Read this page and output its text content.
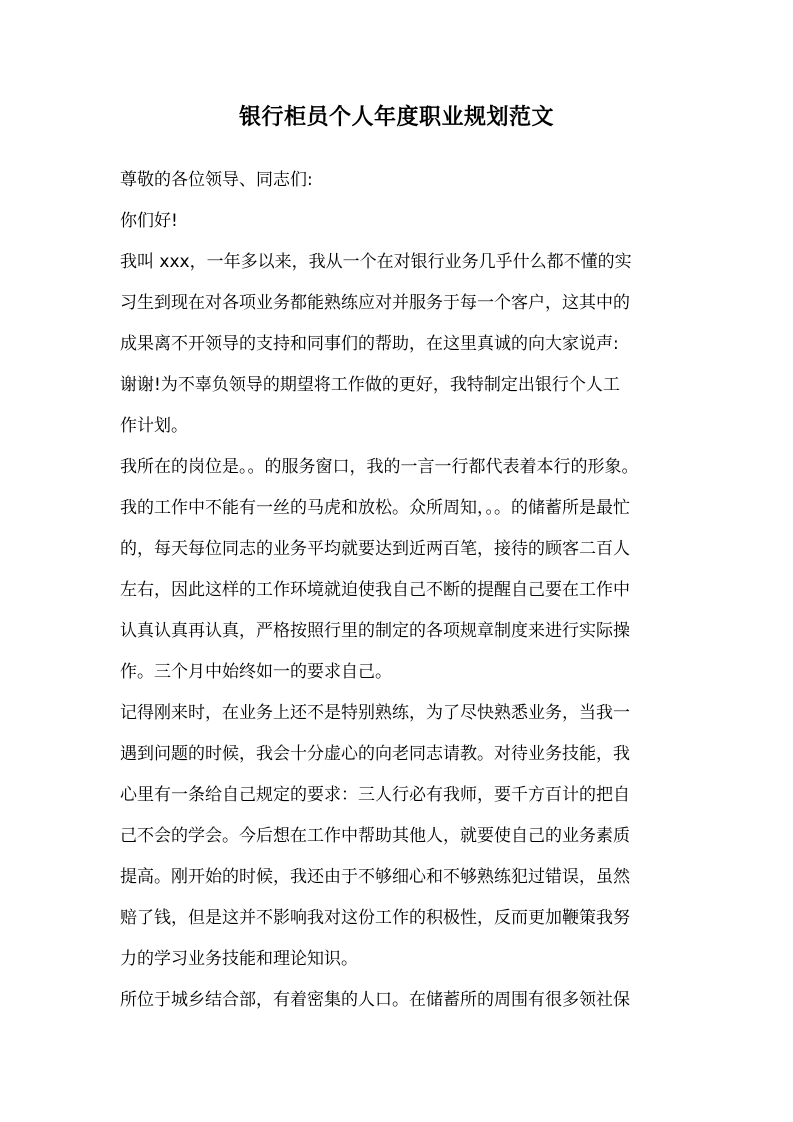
银行柜员个人年度职业规划范文
尊敬的各位领导、同志们:
你们好!
我叫 xxx，一年多以来，我从一个在对银行业务几乎什么都不懂的实
习生到现在对各项业务都能熟练应对并服务于每一个客户，这其中的
成果离不开领导的支持和同事们的帮助，在这里真诚的向大家说声:
谢谢!为不辜负领导的期望将工作做的更好，我特制定出银行个人工
作计划。
我所在的岗位是。。的服务窗口，我的一言一行都代表着本行的形象。
我的工作中不能有一丝的马虎和放松。众所周知，。。的储蓄所是最忙
的，每天每位同志的业务平均就要达到近两百笔，接待的顾客二百人
左右，因此这样的工作环境就迫使我自己不断的提醒自己要在工作中
认真认真再认真，严格按照行里的制定的各项规章制度来进行实际操
作。三个月中始终如一的要求自己。
记得刚来时，在业务上还不是特别熟练，为了尽快熟悉业务，当我一
遇到问题的时候，我会十分虚心的向老同志请教。对待业务技能，我
心里有一条给自己规定的要求：三人行必有我师，要千方百计的把自
己不会的学会。今后想在工作中帮助其他人，就要使自己的业务素质
提高。刚开始的时候，我还由于不够细心和不够熟练犯过错误，虽然
赔了钱，但是这并不影响我对这份工作的积极性，反而更加鞭策我努
力的学习业务技能和理论知识。
所位于城乡结合部，有着密集的人口。在储蓄所的周围有很多领社保
